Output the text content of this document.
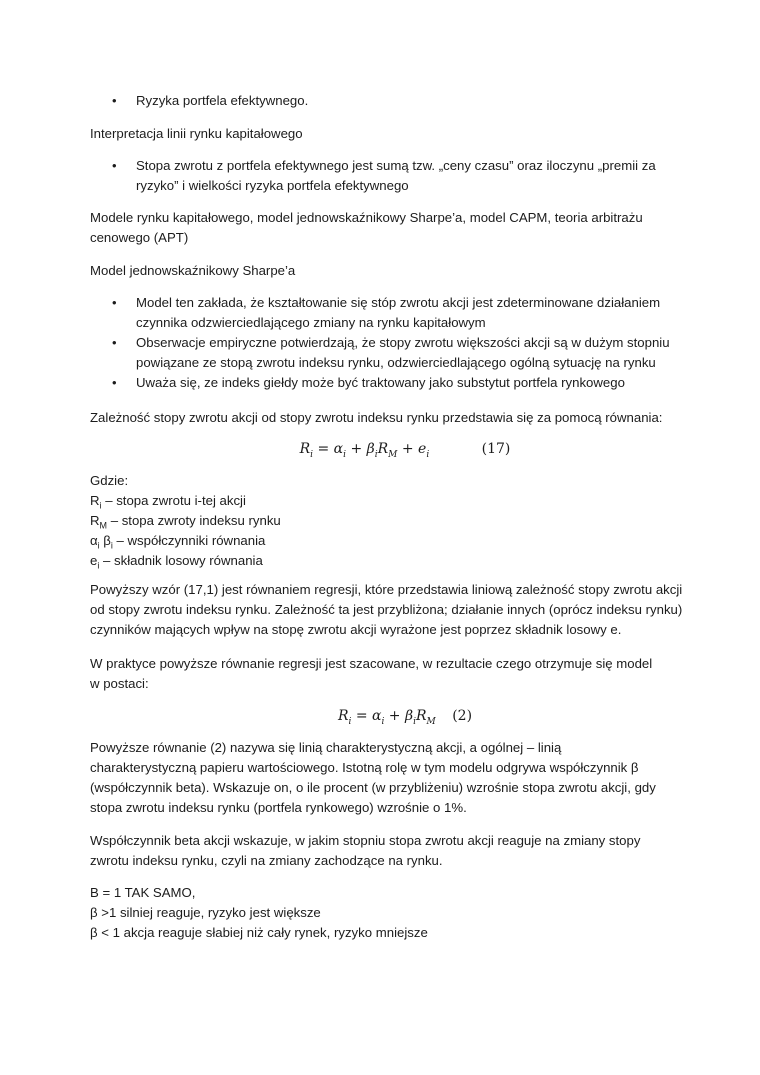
• Ryzyka portfela efektywnego.

Interpretacja linii rynku kapitałowego

• Stopa zwrotu z portfela efektywnego jest sumą tzw. „ceny czasu” oraz iloczynu „premii za ryzyko” i wielkości ryzyka portfela efektywnego

Modele rynku kapitałowego, model jednowskaźnikowy Sharpe’a, model CAPM, teoria arbitrażu cenowego (APT)

Model jednowskaźnikowy Sharpe’a

• Model ten zakłada, że kształtowanie się stóp zwrotu akcji jest zdeterminowane działaniem czynnika odzwierciedlającego zmiany na rynku kapitałowym
• Obserwacje empiryczne potwierdzają, że stopy zwrotu większości akcji są w dużym stopniu powiązane ze stopą zwrotu indeksu rynku, odzwierciedlającego ogólną sytuację na rynku
• Uważa się, ze indeks giełdy może być traktowany jako substytut portfela rynkowego

Zależność stopy zwrotu akcji od stopy zwrotu indeksu rynku przedstawia się za pomocą równania:

$R_i = \alpha_i + \beta_iR_M + e_i$	(17)

Gdzie:

$R_i$ – stopa zwrotu i-tej akcji

$R_M$ – stopa zwroty indeksu rynku

$\alpha_i$ $\beta_i$ – współczynniki równania

$e_i$ – składnik losowy równania

Powyższy wzór (17,1) jest równaniem regresji, które przedstawia liniową zależność stopy zwrotu akcji od stopy zwrotu indeksu rynku. Zależność ta jest przybliżona; działanie innych (oprócz indeksu rynku) czynników mających wpływ na stopę zwrotu akcji wyrażone jest poprzez składnik losowy e.

W praktyce powyższe równanie regresji jest szacowane, w rezultacie czego otrzymuje się model w postaci:

$R_i = \alpha_i + \beta_iR_M$ (2)

Powyższe równanie (2) nazywa się linią charakterystyczną akcji, a ogólnej – linią charakterystyczną papieru wartościowego. Istotną rolę w tym modelu odgrywa współczynnik β (współczynnik beta). Wskazuje on, o ile procent (w przybliżeniu) wzrośnie stopa zwrotu akcji, gdy stopa zwrotu indeksu rynku (portfela rynkowego) wzrośnie o 1%.

Współczynnik beta akcji wskazuje, w jakim stopniu stopa zwrotu akcji reaguje na zmiany stopy zwrotu indeksu rynku, czyli na zmiany zachodzące na rynku.

B = 1 TAK SAMO,

β >1 silniej reaguje, ryzyko jest większe

β < 1 akcja reaguje słabiej niż cały rynek, ryzyko mniejsze
